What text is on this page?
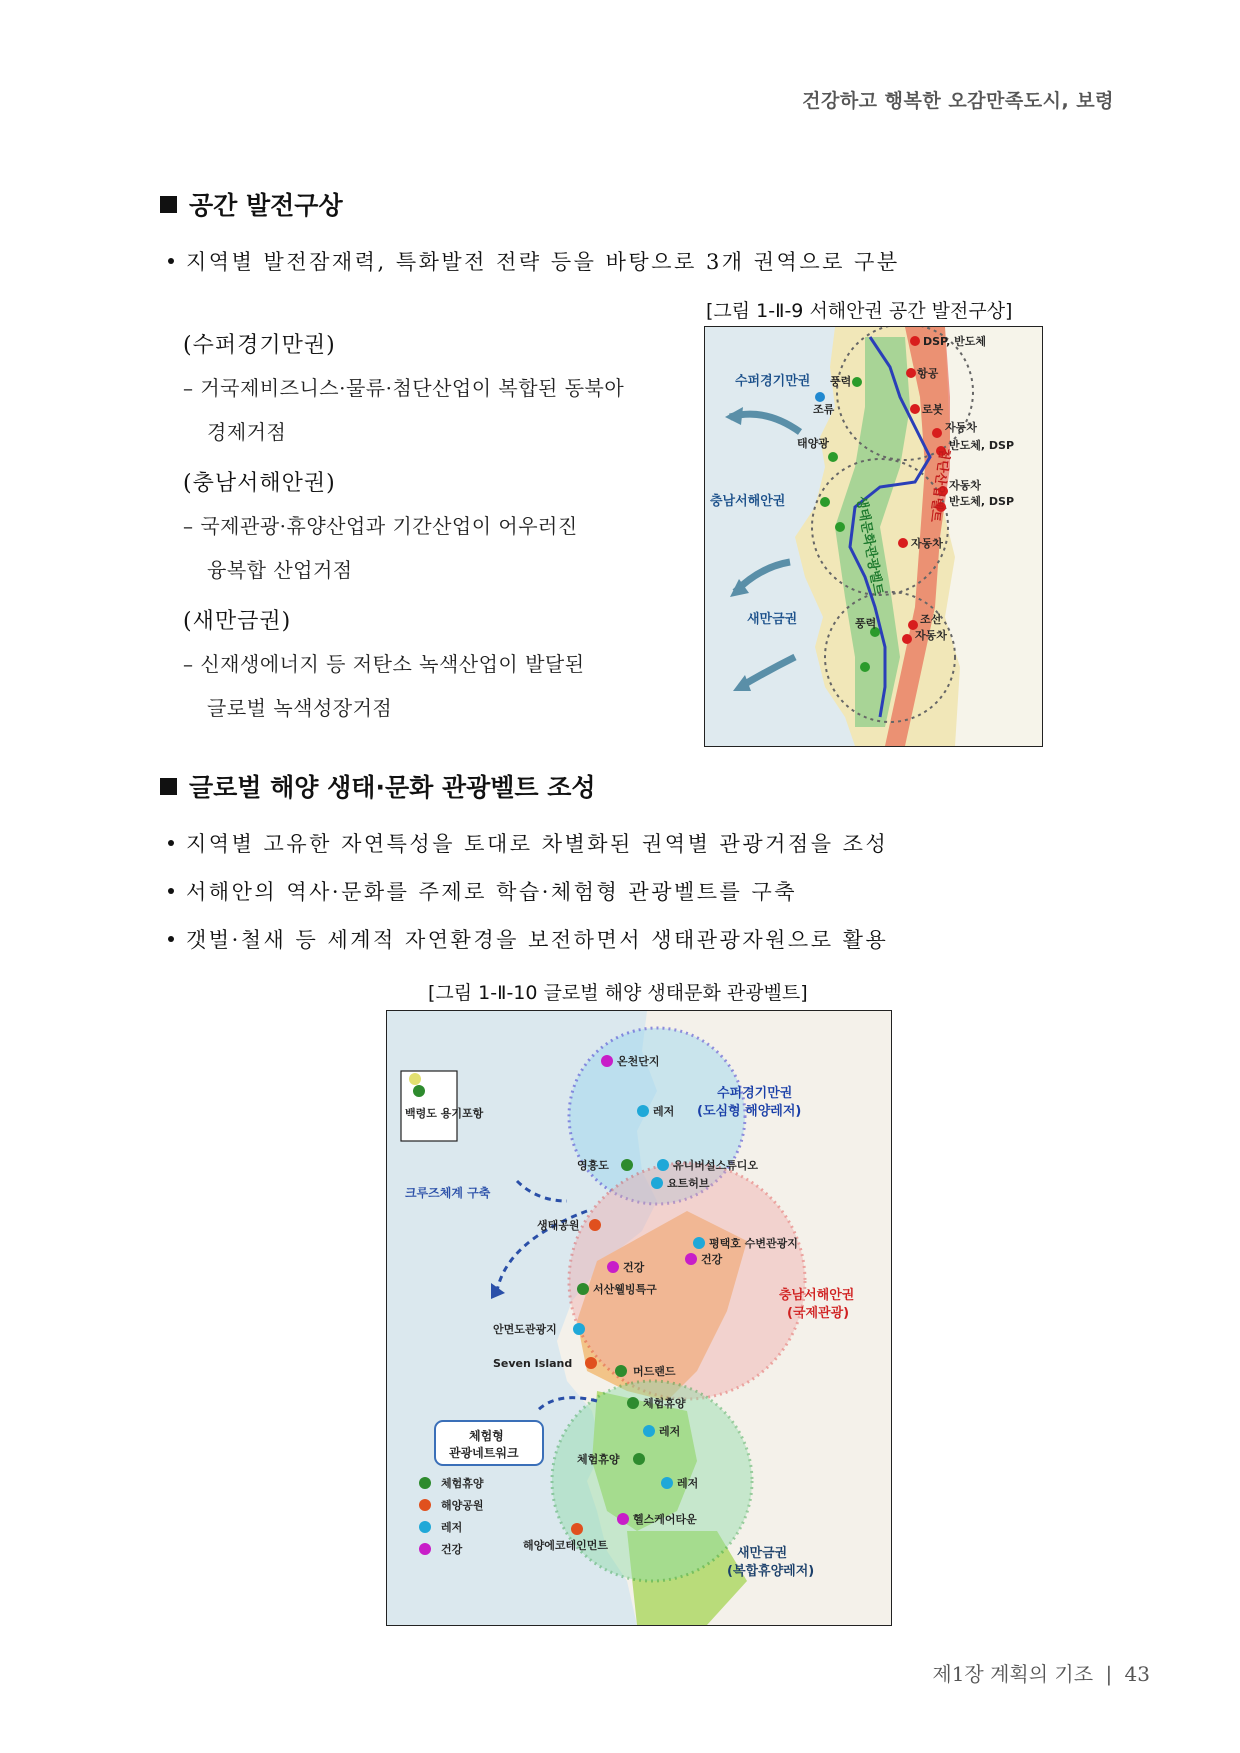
건강하고 행복한 오감만족도시, 보령
공간 발전구상
지역별 발전잠재력, 특화발전 전략 등을 바탕으로 3개 권역으로 구분
(수퍼경기만권)
– 거국제비즈니스·물류·첨단산업이 복합된 동북아
경제거점
(충남서해안권)
– 국제관광·휴양산업과 기간산업이 어우러진
융복합 산업거점
(새만금권)
– 신재생에너지 등 저탄소 녹색산업이 발달된
글로벌 녹색성장거점
[그림 1-Ⅱ-9 서해안권 공간 발전구상]
DSP, 반도체
항공
로봇
자동차
반도체, DSP
자동차
반도체, DSP
자동차
조선
자동차
풍력
조류
태양광
풍력
수퍼경기만권
충남서해안권
새만금권
생태문화관광벨트
첨단산업벨트
글로벌 해양 생태·문화 관광벨트 조성
지역별 고유한 자연특성을 토대로 차별화된 권역별 관광거점을 조성
서해안의 역사·문화를 주제로 학습·체험형 관광벨트를 구축
갯벌·철새 등 세계적 자연환경을 보전하면서 생태관광자원으로 활용
[그림 1-Ⅱ-10 글로벌 해양 생태문화 관광벨트]
백령도 용기포항
체험형
관광네트워크
수퍼경기만권
(도심형 해양레저)
충남서해안권
(국제관광)
새만금권
(복합휴양레저)
크루즈체계 구축
온천단지
레저
영흥도	유니버설스튜디오
요트허브
생태공원
평택호 수변관광지
건강
건강
서산웰빙특구
안면도관광지
Seven Island
머드랜드
체험휴양
레저
체험휴양
레저
헬스케어타운
해양에코테인먼트
체험휴양
해양공원
레저
건강
제1장 계획의 기조 | 43
